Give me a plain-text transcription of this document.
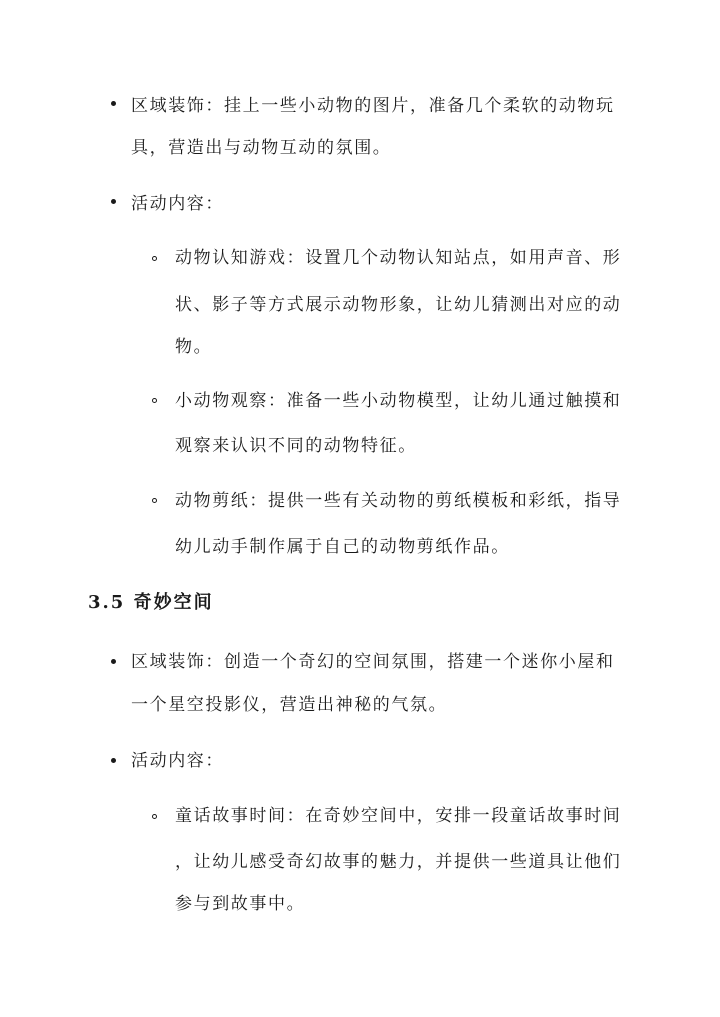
区域装饰：挂上一些小动物的图片，准备几个柔软的动物玩
具，营造出与动物互动的氛围。
活动内容：
动物认知游戏：设置几个动物认知站点，如用声音、形
状、影子等方式展示动物形象，让幼儿猜测出对应的动
物。
小动物观察：准备一些小动物模型，让幼儿通过触摸和
观察来认识不同的动物特征。
动物剪纸：提供一些有关动物的剪纸模板和彩纸，指导
幼儿动手制作属于自己的动物剪纸作品。
3.5 奇妙空间
区域装饰：创造一个奇幻的空间氛围，搭建一个迷你小屋和
一个星空投影仪，营造出神秘的气氛。
活动内容：
童话故事时间：在奇妙空间中，安排一段童话故事时间
，让幼儿感受奇幻故事的魅力，并提供一些道具让他们
参与到故事中。
